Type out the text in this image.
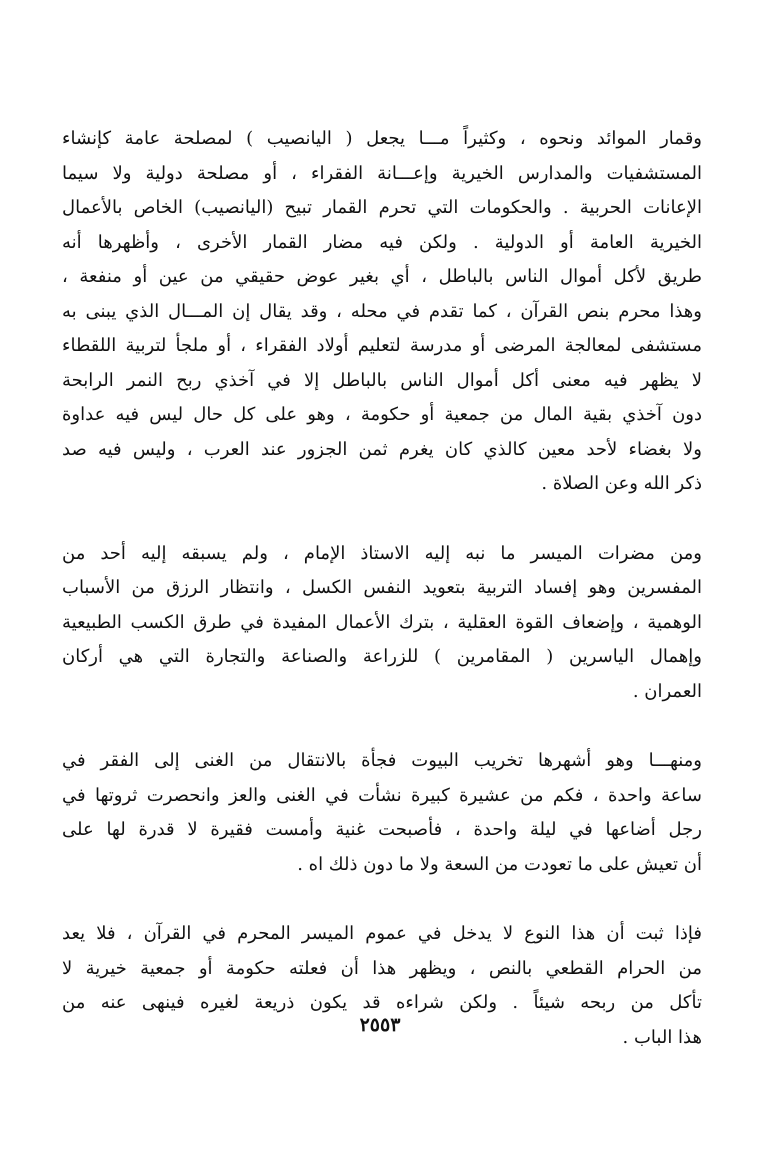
وقمار الموائد ونحوه ، وكثيراً مـــا يجعل ( اليانصيب ) لمصلحة عامة كإنشاء
المستشفيات والمدارس الخيرية وإعـــانة الفقراء ، أو مصلحة دولية ولا سيما
الإعانات الحربية . والحكومات التي تحرم القمار تبيح (اليانصيب) الخاص بالأعمال
الخيرية العامة أو الدولية . ولكن فيه مضار القمار الأخرى ، وأظهرها أنه
طريق لأكل أموال الناس بالباطل ، أي بغير عوض حقيقي من عين أو منفعة ،
وهذا محرم بنص القرآن ، كما تقدم في محله ، وقد يقال إن المـــال الذي يبنى به
مستشفى لمعالجة المرضى أو مدرسة لتعليم أولاد الفقراء ، أو ملجأ لتربية اللقطاء
لا يظهر فيه معنى أكل أموال الناس بالباطل إلا في آخذي ربح النمر الرابحة
دون آخذي بقية المال من جمعية أو حكومة ، وهو على كل حال ليس فيه عداوة
ولا بغضاء لأحد معين كالذي كان يغرم ثمن الجزور عند العرب ، وليس فيه صد
ذكر الله وعن الصلاة .

ومن مضرات الميسر ما نبه إليه الاستاذ الإمام ، ولم يسبقه إليه أحد من
المفسرين وهو إفساد التربية بتعويد النفس الكسل ، وانتظار الرزق من الأسباب
الوهمية ، وإضعاف القوة العقلية ، بترك الأعمال المفيدة في طرق الكسب الطبيعية
وإهمال الياسرين ( المقامرين ) للزراعة والصناعة والتجارة التي هي أركان
العمران .

ومنهـــا وهو أشهرها تخريب البيوت فجأة بالانتقال من الغنى إلى الفقر في
ساعة واحدة ، فكم من عشيرة كبيرة نشأت في الغنى والعز وانحصرت ثروتها في
رجل أضاعها في ليلة واحدة ، فأصبحت غنية وأمست فقيرة لا قدرة لها على
أن تعيش على ما تعودت من السعة ولا ما دون ذلك اه .

فإذا ثبت أن هذا النوع لا يدخل في عموم الميسر المحرم في القرآن ، فلا يعد
من الحرام القطعي بالنص ، ويظهر هذا أن فعلته حكومة أو جمعية خيرية لا
تأكل من ربحه شيئاً . ولكن شراءه قد يكون ذريعة لغيره فينهى عنه من
هذا الباب .

٢٥٥٣
